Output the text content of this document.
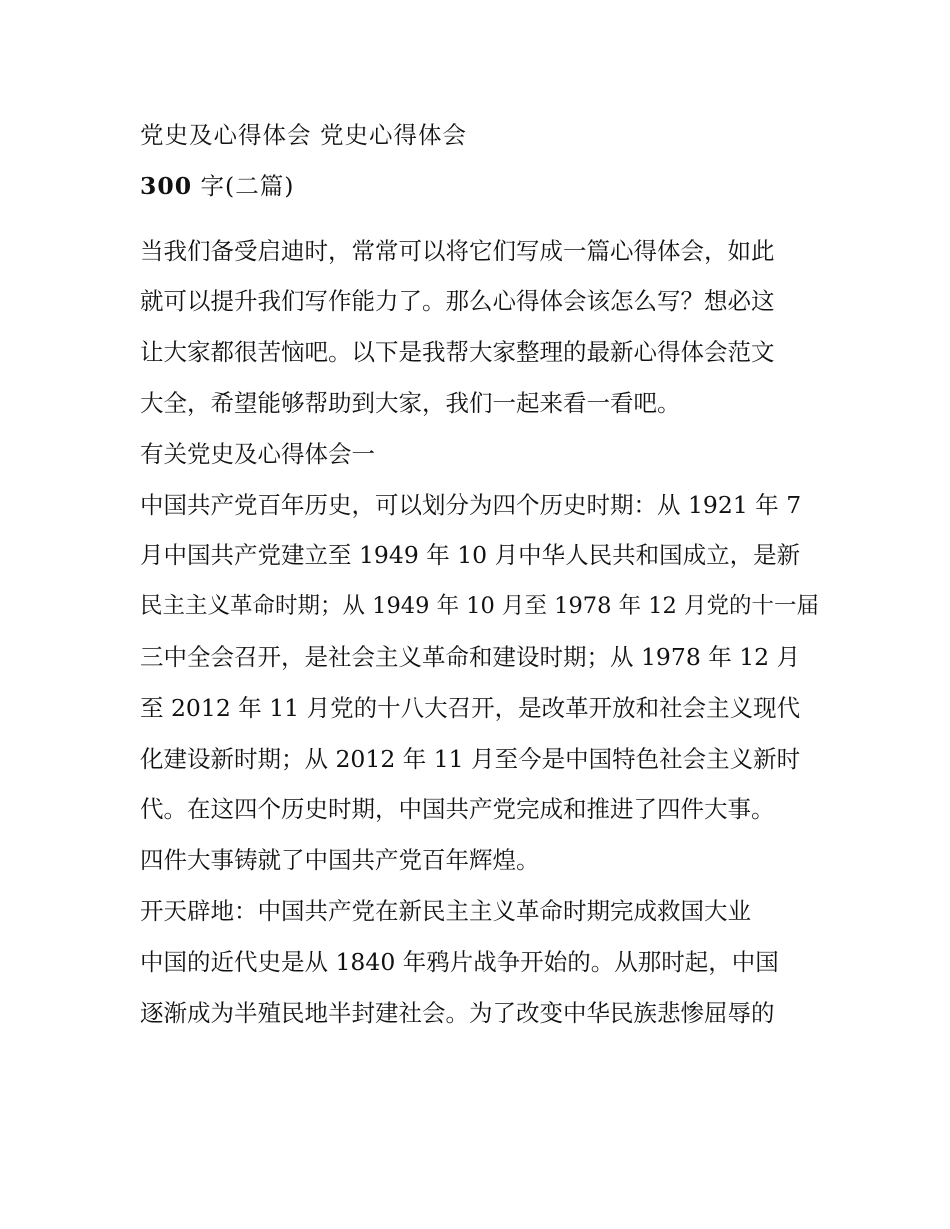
党史及心得体会 党史心得体会
300 字(二篇)
当我们备受启迪时，常常可以将它们写成一篇心得体会，如此
就可以提升我们写作能力了。那么心得体会该怎么写？想必这
让大家都很苦恼吧。以下是我帮大家整理的最新心得体会范文
大全，希望能够帮助到大家，我们一起来看一看吧。
有关党史及心得体会一
中国共产党百年历史，可以划分为四个历史时期：从 1921 年 7
月中国共产党建立至 1949 年 10 月中华人民共和国成立，是新
民主主义革命时期；从 1949 年 10 月至 1978 年 12 月党的十一届
三中全会召开，是社会主义革命和建设时期；从 1978 年 12 月
至 2012 年 11 月党的十八大召开，是改革开放和社会主义现代
化建设新时期；从 2012 年 11 月至今是中国特色社会主义新时
代。在这四个历史时期，中国共产党完成和推进了四件大事。
四件大事铸就了中国共产党百年辉煌。
开天辟地：中国共产党在新民主主义革命时期完成救国大业
中国的近代史是从 1840 年鸦片战争开始的。从那时起，中国
逐渐成为半殖民地半封建社会。为了改变中华民族悲惨屈辱的
